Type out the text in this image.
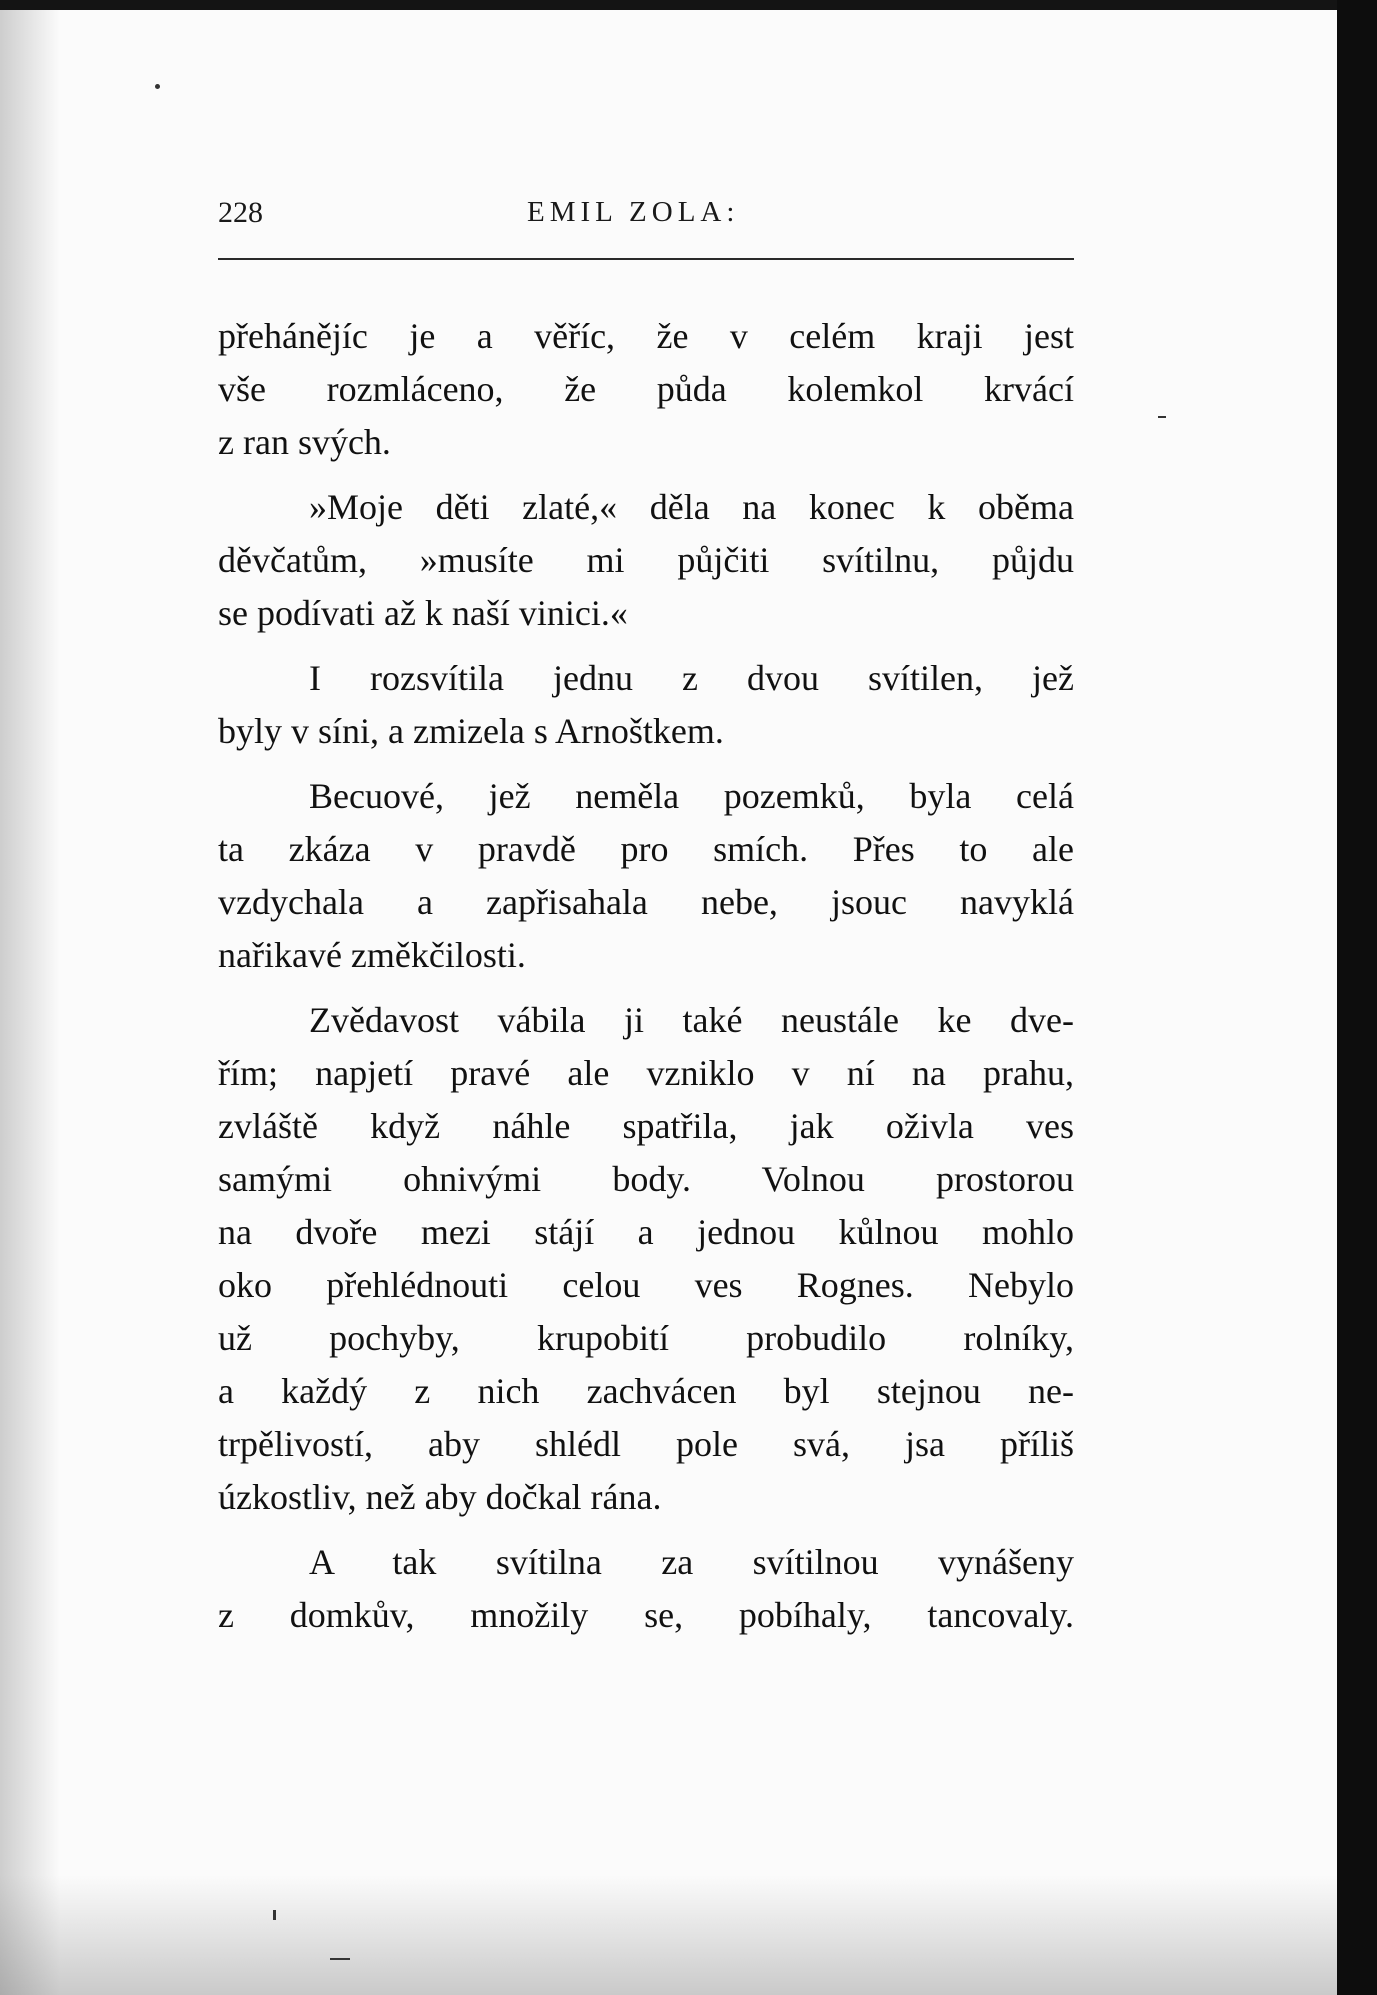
228	EMIL ZOLA:

přehánějíc je a věříc, že v celém kraji jest
vše rozmláceno, že půda kolemkol krvácí
z ran svých.

»Moje děti zlaté,« děla na konec k oběma
děvčatům, »musíte mi půjčiti svítilnu, půjdu
se podívati až k naší vinici.«

I rozsvítila jednu z dvou svítilen, jež
byly v síni, a zmizela s Arnoštkem.

Becuové, jež neměla pozemků, byla celá
ta zkáza v pravdě pro smích. Přes to ale
vzdychala a zapřisahala nebe, jsouc navyklá
nařikavé změkčilosti.

Zvědavost vábila ji také neustále ke dve-
řím; napjetí pravé ale vzniklo v ní na prahu,
zvláště když náhle spatřila, jak oživla ves
samými ohnivými body. Volnou prostorou
na dvoře mezi stájí a jednou kůlnou mohlo
oko přehlédnouti celou ves Rognes. Nebylo
už pochyby, krupobití probudilo rolníky,
a každý z nich zachvácen byl stejnou ne-
trpělivostí, aby shlédl pole svá, jsa příliš
úzkostliv, než aby dočkal rána.

A tak svítilna za svítilnou vynášeny
z domkův, množily se, pobíhaly, tancovaly.
